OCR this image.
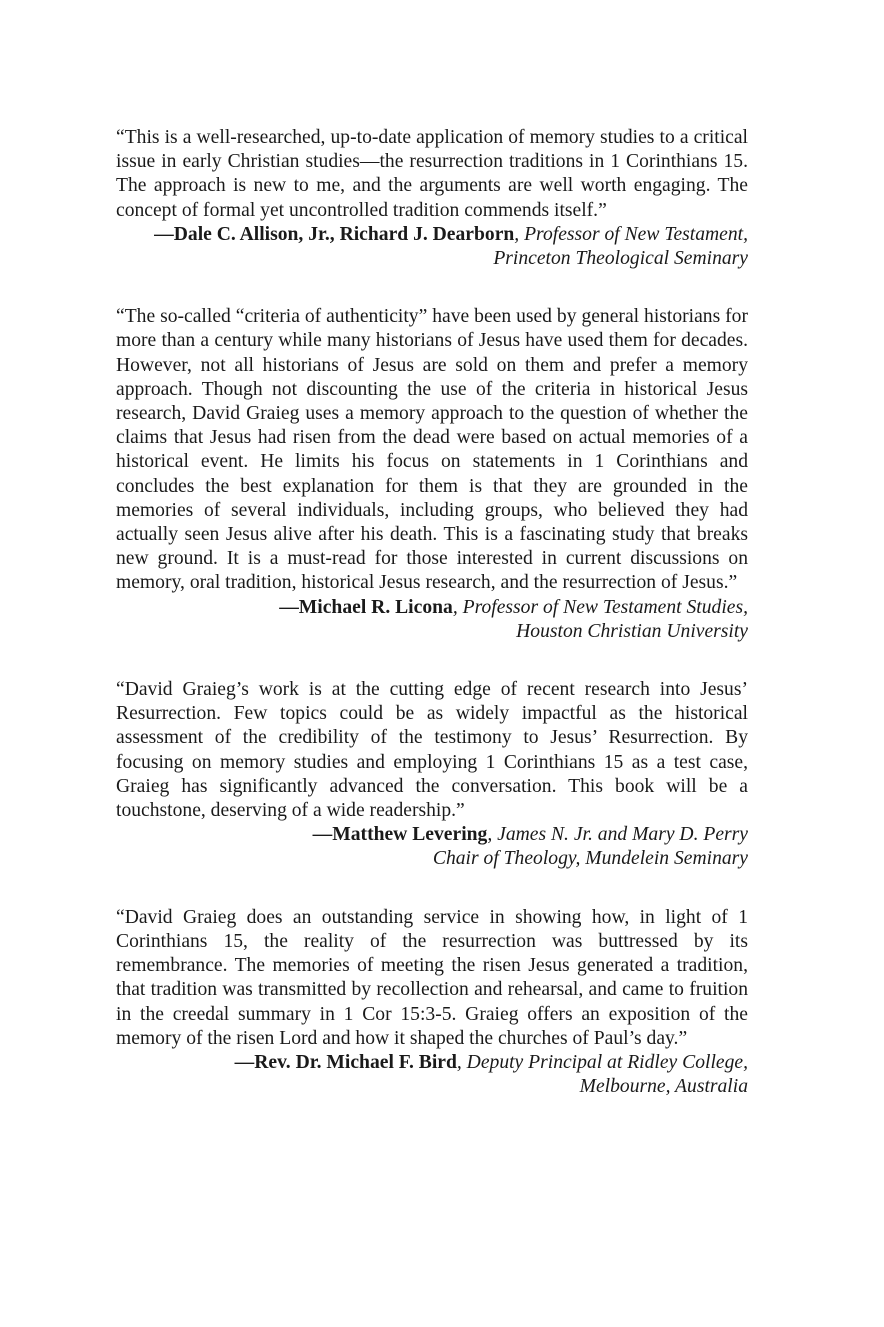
“This is a well-researched, up-to-date application of memory studies to a critical issue in early Christian studies—the resurrection traditions in 1 Corinthians 15. The approach is new to me, and the arguments are well worth engaging. The concept of formal yet uncontrolled tradition commends itself.”

—Dale C. Allison, Jr., Richard J. Dearborn, Professor of New Testament,
Princeton Theological Seminary

“The so-called “criteria of authenticity” have been used by general historians for more than a century while many historians of Jesus have used them for decades. However, not all historians of Jesus are sold on them and prefer a memory approach. Though not discounting the use of the criteria in historical Jesus research, David Graieg uses a memory approach to the question of whether the claims that Jesus had risen from the dead were based on actual memories of a historical event. He limits his focus on statements in 1 Corinthians and concludes the best explanation for them is that they are grounded in the memories of several individuals, including groups, who believed they had actually seen Jesus alive after his death. This is a fascinating study that breaks new ground. It is a must-read for those interested in current discussions on memory, oral tradition, historical Jesus research, and the resurrection of Jesus.”

—Michael R. Licona, Professor of New Testament Studies,
Houston Christian University

“David Graieg’s work is at the cutting edge of recent research into Jesus’ Resurrection. Few topics could be as widely impactful as the historical assessment of the credibility of the testimony to Jesus’ Resurrection. By focusing on memory studies and employing 1 Corinthians 15 as a test case, Graieg has significantly advanced the conversation. This book will be a touchstone, deserving of a wide readership.”

—Matthew Levering, James N. Jr. and Mary D. Perry
Chair of Theology, Mundelein Seminary

“David Graieg does an outstanding service in showing how, in light of 1 Corinthians 15, the reality of the resurrection was buttressed by its remembrance. The memories of meeting the risen Jesus generated a tradition, that tradition was transmitted by recollection and rehearsal, and came to fruition in the creedal summary in 1 Cor 15:3-5. Graieg offers an exposition of the memory of the risen Lord and how it shaped the churches of Paul’s day.”

—Rev. Dr. Michael F. Bird, Deputy Principal at Ridley College,
Melbourne, Australia
